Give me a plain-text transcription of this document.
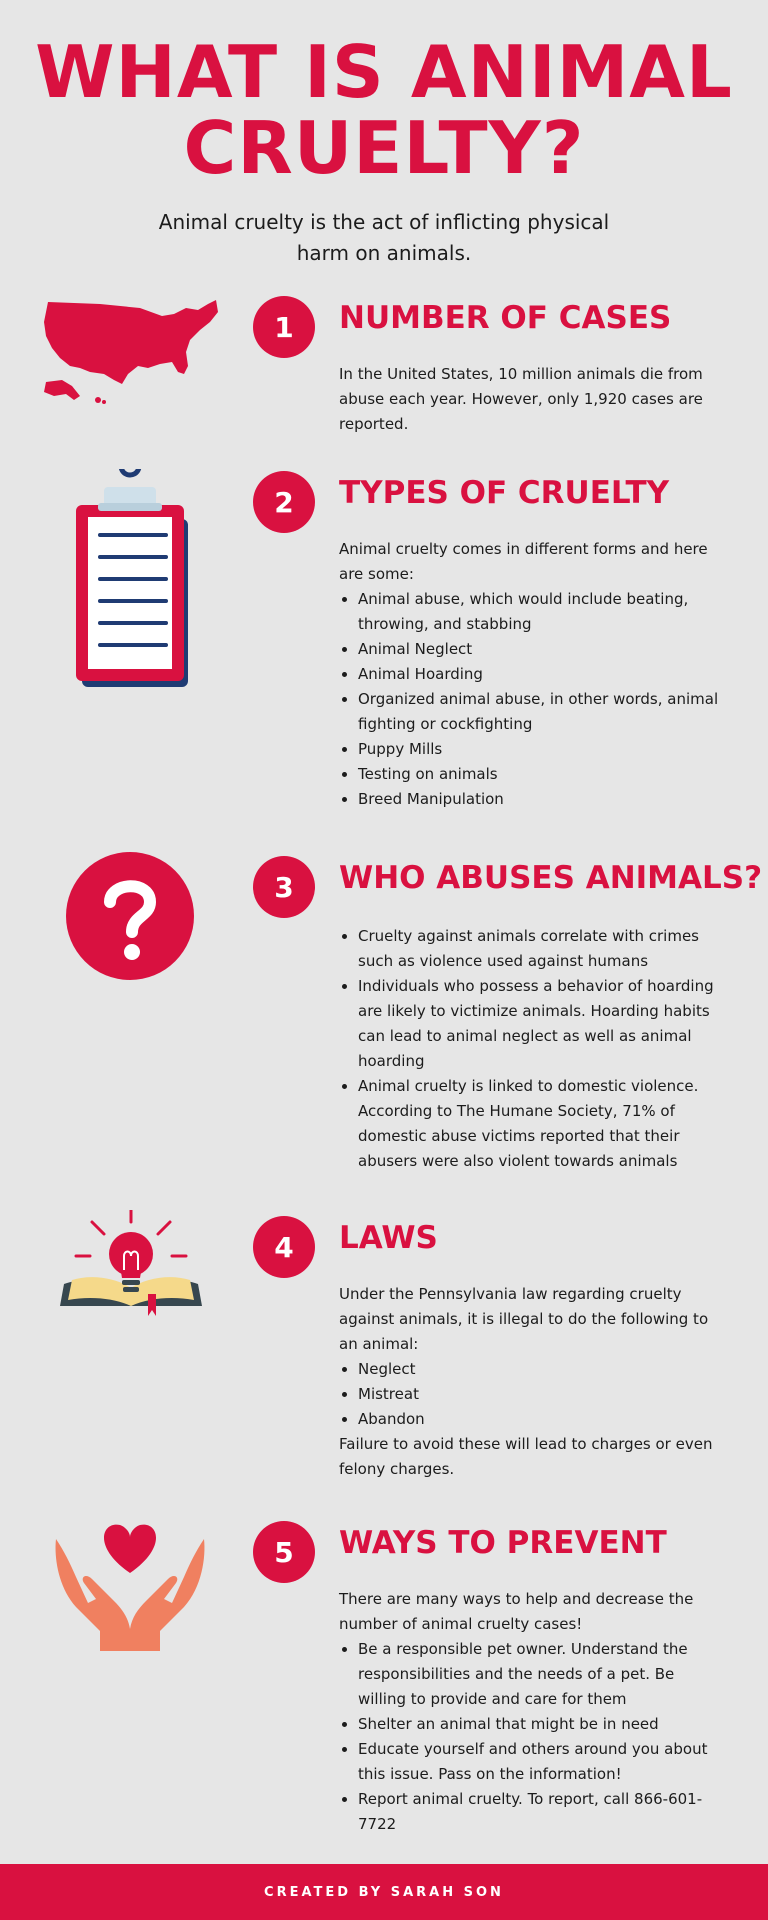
WHAT IS ANIMAL CRUELTY?

Animal cruelty is the act of inflicting physical harm on animals.

1	NUMBER OF CASES

In the United States, 10 million animals die from abuse each year. However, only 1,920 cases are reported.

2	TYPES OF CRUELTY

Animal cruelty comes in different forms and here are some:

• Animal abuse, which would include beating, throwing, and stabbing
• Animal Neglect
• Animal Hoarding
• Organized animal abuse, in other words, animal fighting or cockfighting
• Puppy Mills
• Testing on animals
• Breed Manipulation
3	WHO ABUSES ANIMALS?
• Cruelty against animals correlate with crimes such as violence used against humans
• Individuals who possess a behavior of hoarding are likely to victimize animals. Hoarding habits can lead to animal neglect as well as animal hoarding
• Animal cruelty is linked to domestic violence. According to The Humane Society, 71% of domestic abuse victims reported that their abusers were also violent towards animals
4	LAWS

Under the Pennsylvania law regarding cruelty against animals, it is illegal to do the following to an animal:

• Neglect
• Mistreat
• Abandon

Failure to avoid these will lead to charges or even felony charges.

5	WAYS TO PREVENT

There are many ways to help and decrease the number of animal cruelty cases!

• Be a responsible pet owner. Understand the responsibilities and the needs of a pet. Be willing to provide and care for them
• Shelter an animal that might be in need
• Educate yourself and others around you about this issue. Pass on the information!
• Report animal cruelty. To report, call 866-601-7722
CREATED BY SARAH SON
